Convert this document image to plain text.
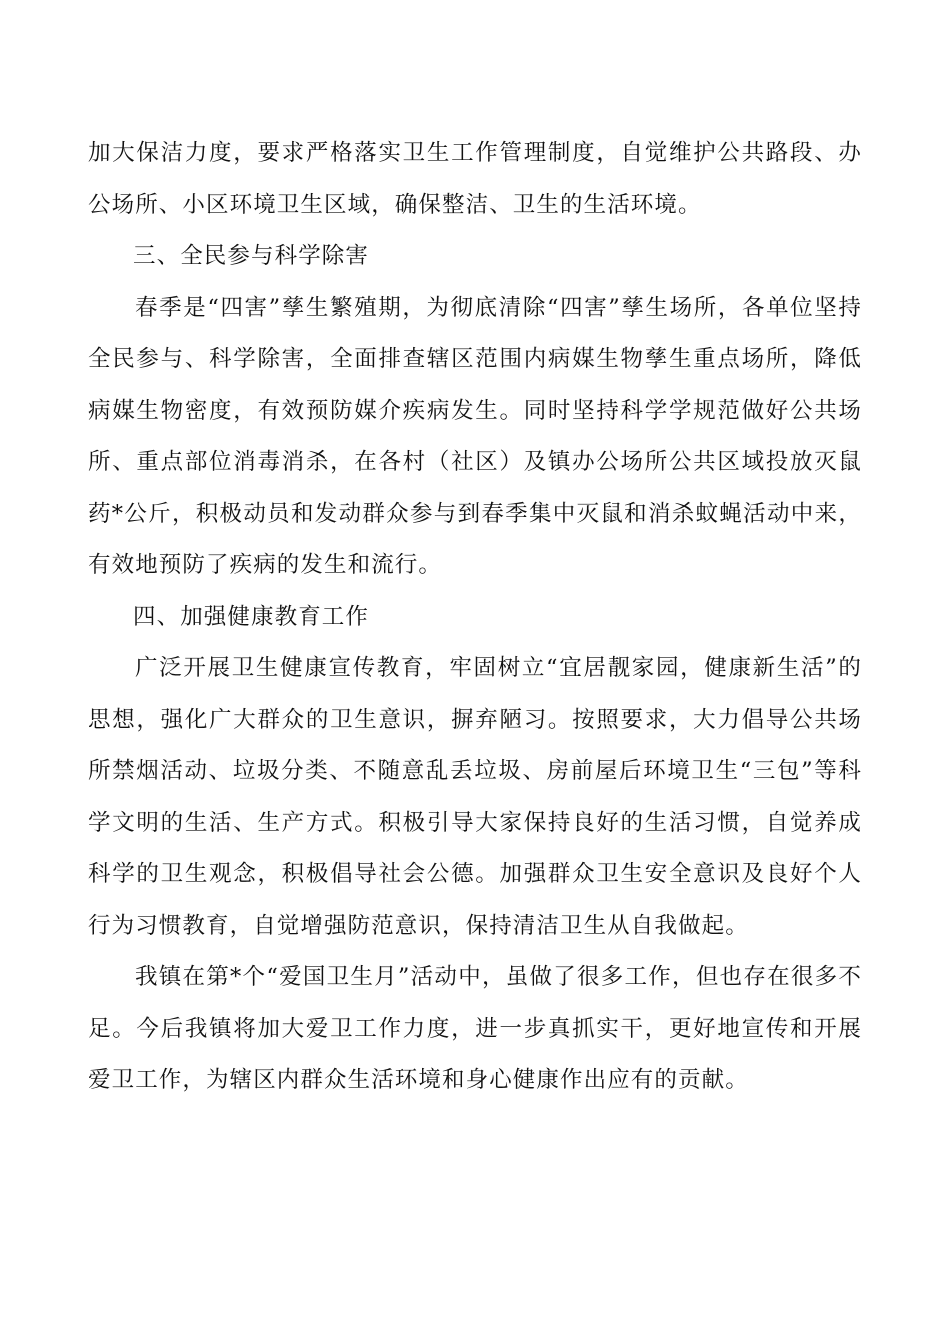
加大保洁力度，要求严格落实卫生工作管理制度，自觉维护公共路段、办公场所、小区环境卫生区域，确保整洁、卫生的生活环境。

三、全民参与科学除害

春季是“四害”孳生繁殖期，为彻底清除“四害”孳生场所，各单位坚持全民参与、科学除害，全面排查辖区范围内病媒生物孳生重点场所，降低病媒生物密度，有效预防媒介疾病发生。同时坚持科学学规范做好公共场所、重点部位消毒消杀，在各村（社区）及镇办公场所公共区域投放灭鼠药*公斤，积极动员和发动群众参与到春季集中灭鼠和消杀蚊蝇活动中来，有效地预防了疾病的发生和流行。

四、加强健康教育工作

广泛开展卫生健康宣传教育，牢固树立“宜居靓家园，健康新生活”的思想，强化广大群众的卫生意识，摒弃陋习。按照要求，大力倡导公共场所禁烟活动、垃圾分类、不随意乱丢垃圾、房前屋后环境卫生“三包”等科学文明的生活、生产方式。积极引导大家保持良好的生活习惯，自觉养成科学的卫生观念，积极倡导社会公德。加强群众卫生安全意识及良好个人行为习惯教育，自觉增强防范意识，保持清洁卫生从自我做起。

我镇在第*个“爱国卫生月”活动中，虽做了很多工作，但也存在很多不足。今后我镇将加大爱卫工作力度，进一步真抓实干，更好地宣传和开展爱卫工作，为辖区内群众生活环境和身心健康作出应有的贡献。
